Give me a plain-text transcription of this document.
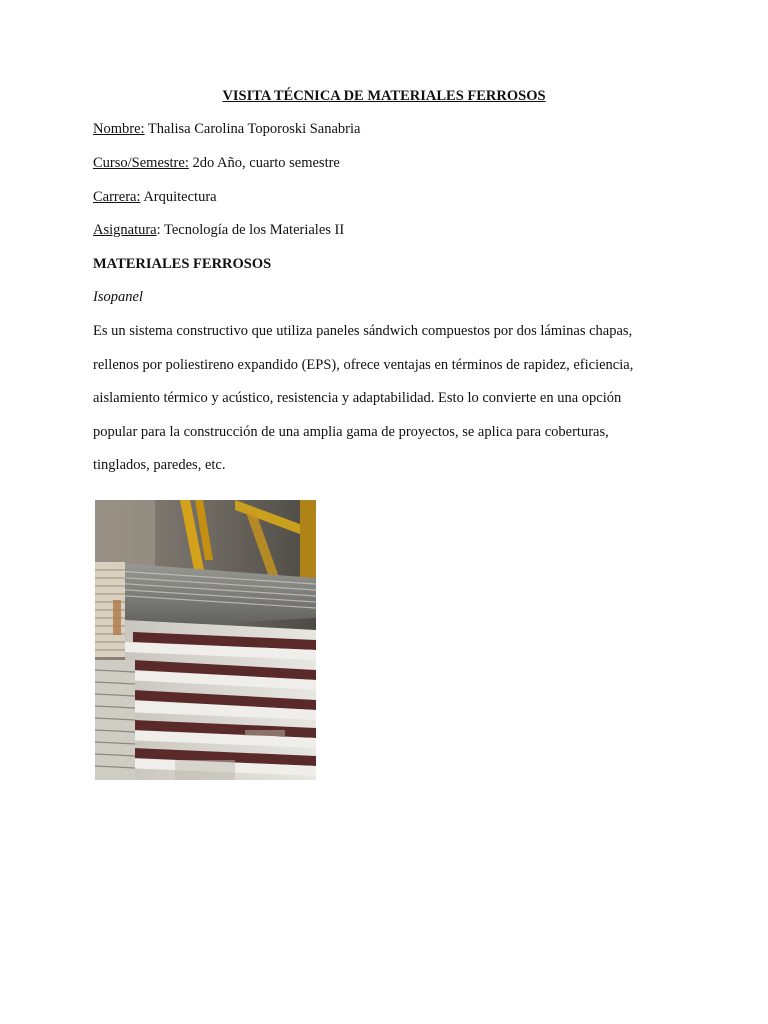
VISITA TÉCNICA DE MATERIALES FERROSOS
Nombre: Thalisa Carolina Toporoski Sanabria
Curso/Semestre: 2do Año, cuarto semestre
Carrera: Arquitectura
Asignatura: Tecnología de los Materiales II
MATERIALES FERROSOS
Isopanel
Es un sistema constructivo que utiliza paneles sándwich compuestos por dos láminas chapas,
rellenos por poliestireno expandido (EPS), ofrece ventajas en términos de rapidez, eficiencia,
aislamiento térmico y acústico, resistencia y adaptabilidad. Esto lo convierte en una opción
popular para la construcción de una amplia gama de proyectos, se aplica para coberturas,
tinglados, paredes, etc.
